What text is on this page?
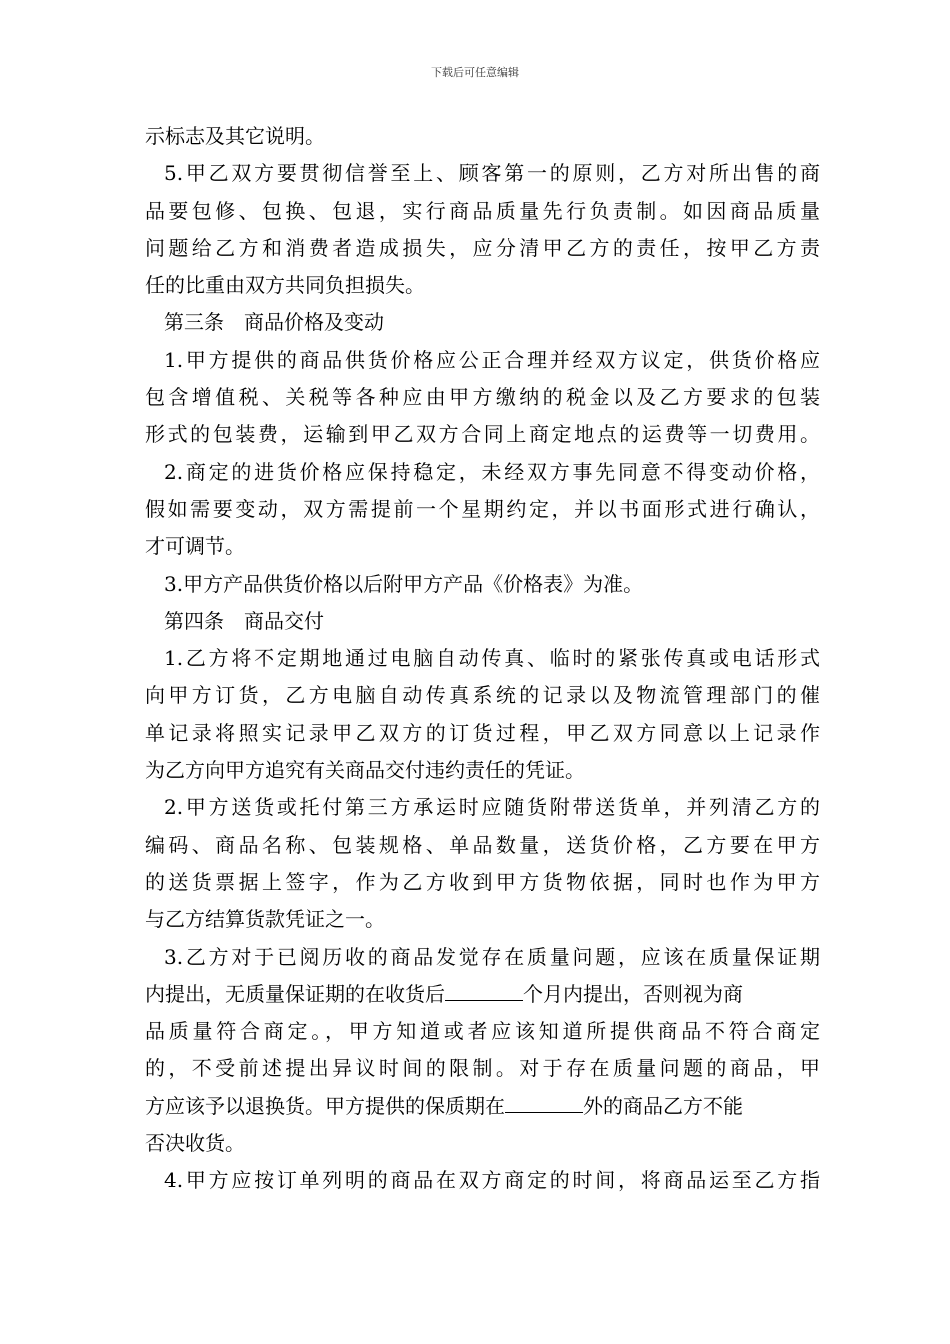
下载后可任意编辑
示标志及其它说明。
5.甲乙双方要贯彻信誉至上、顾客第一的原则，乙方对所出售的商
品要包修、包换、包退，实行商品质量先行负责制。如因商品质量
问题给乙方和消费者造成损失，应分清甲乙方的责任，按甲乙方责
任的比重由双方共同负担损失。
第三条　商品价格及变动
1.甲方提供的商品供货价格应公正合理并经双方议定，供货价格应
包含增值税、关税等各种应由甲方缴纳的税金以及乙方要求的包装
形式的包装费，运输到甲乙双方合同上商定地点的运费等一切费用。
2.商定的进货价格应保持稳定，未经双方事先同意不得变动价格，
假如需要变动，双方需提前一个星期约定，并以书面形式进行确认，
才可调节。
3.甲方产品供货价格以后附甲方产品《价格表》为准。
第四条　商品交付
1.乙方将不定期地通过电脑自动传真、临时的紧张传真或电话形式
向甲方订货，乙方电脑自动传真系统的记录以及物流管理部门的催
单记录将照实记录甲乙双方的订货过程，甲乙双方同意以上记录作
为乙方向甲方追究有关商品交付违约责任的凭证。
2.甲方送货或托付第三方承运时应随货附带送货单，并列清乙方的
编码、商品名称、包装规格、单品数量，送货价格，乙方要在甲方
的送货票据上签字，作为乙方收到甲方货物依据，同时也作为甲方
与乙方结算货款凭证之一。
3.乙方对于已阅历收的商品发觉存在质量问题，应该在质量保证期
内提出，无质量保证期的在收货后	个月内提出，否则视为商
品质量符合商定。，甲方知道或者应该知道所提供商品不符合商定
的，不受前述提出异议时间的限制。对于存在质量问题的商品，甲
方应该予以退换货。甲方提供的保质期在	外的商品乙方不能
否决收货。
4.甲方应按订单列明的商品在双方商定的时间，将商品运至乙方指
